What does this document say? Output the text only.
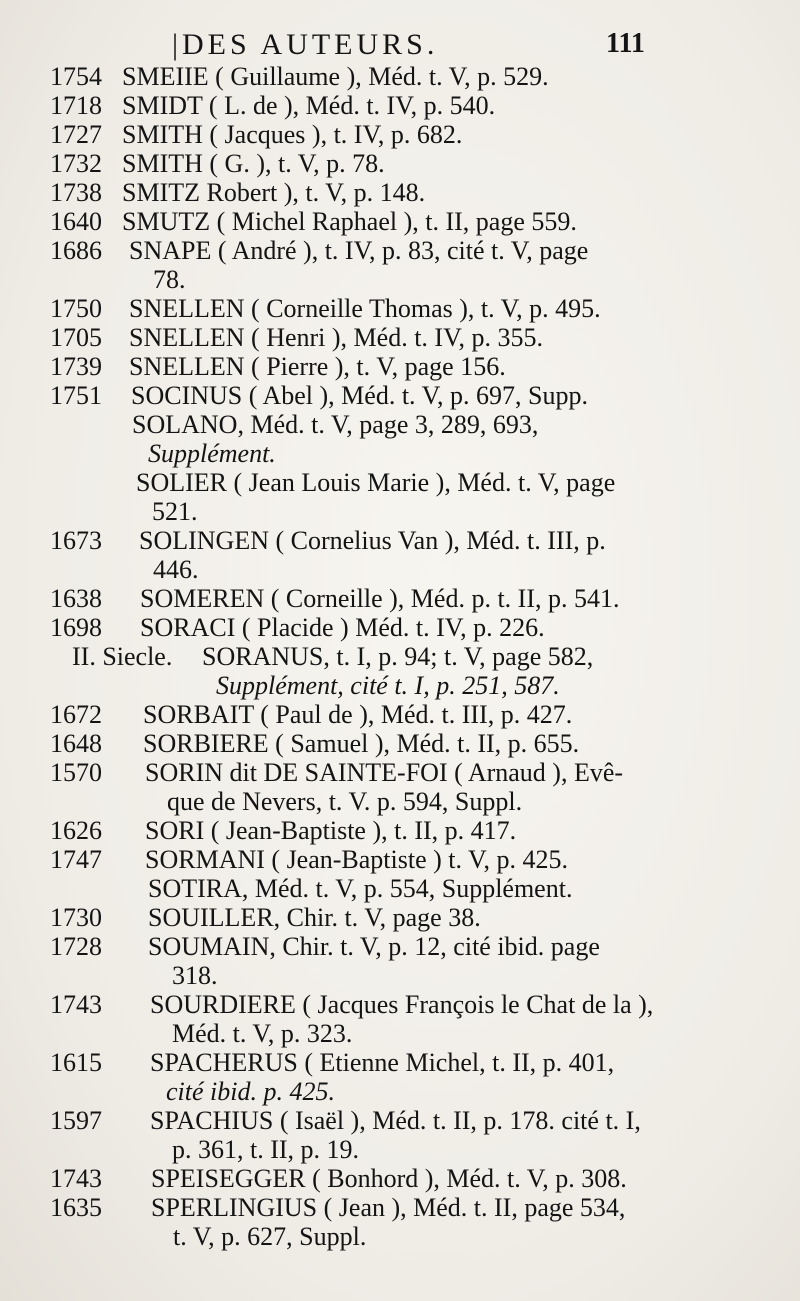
|DES AUTEURS.	111
1754 SMEIIE ( Guillaume ), Méd. t. V, p. 529.
1718 SMIDT ( L. de ), Méd. t. IV, p. 540.
1727 SMITH ( Jacques ), t. IV, p. 682.
1732 SMITH ( G. ), t. V, p. 78.
1738 SMITZ Robert ), t. V, p. 148.
1640 SMUTZ ( Michel Raphael ), t. II, page 559.
1686 SNAPE ( André ), t. IV, p. 83, cité t. V, page
78.
1750 SNELLEN ( Corneille Thomas ), t. V, p. 495.
1705 SNELLEN ( Henri ), Méd. t. IV, p. 355.
1739 SNELLEN ( Pierre ), t. V, page 156.
1751 SOCINUS ( Abel ), Méd. t. V, p. 697, Supp.
SOLANO, Méd. t. V, page 3, 289, 693,
Supplément.
SOLIER ( Jean Louis Marie ), Méd. t. V, page
521.
1673 SOLINGEN ( Cornelius Van ), Méd. t. III, p.
446.
1638 SOMEREN ( Corneille ), Méd. p. t. II, p. 541.
1698 SORACI ( Placide ) Méd. t. IV, p. 226.
II. Siecle. SORANUS, t. I, p. 94; t. V, page 582,
Supplément, cité t. I, p. 251, 587.
1672 SORBAIT ( Paul de ), Méd. t. III, p. 427.
1648 SORBIERE ( Samuel ), Méd. t. II, p. 655.
1570 SORIN dit DE SAINTE-FOI ( Arnaud ), Evê-
que de Nevers, t. V. p. 594, Suppl.
1626 SORI ( Jean-Baptiste ), t. II, p. 417.
1747 SORMANI ( Jean-Baptiste ) t. V, p. 425.
SOTIRA, Méd. t. V, p. 554, Supplément.
1730 SOUILLER, Chir. t. V, page 38.
1728 SOUMAIN, Chir. t. V, p. 12, cité ibid. page
318.
1743 SOURDIERE ( Jacques François le Chat de la ),
Méd. t. V, p. 323.
1615 SPACHERUS ( Etienne Michel, t. II, p. 401,
cité ibid. p. 425.
1597 SPACHIUS ( Isaël ), Méd. t. II, p. 178. cité t. I,
p. 361, t. II, p. 19.
1743 SPEISEGGER ( Bonhord ), Méd. t. V, p. 308.
1635 SPERLINGIUS ( Jean ), Méd. t. II, page 534,
t. V, p. 627, Suppl.
